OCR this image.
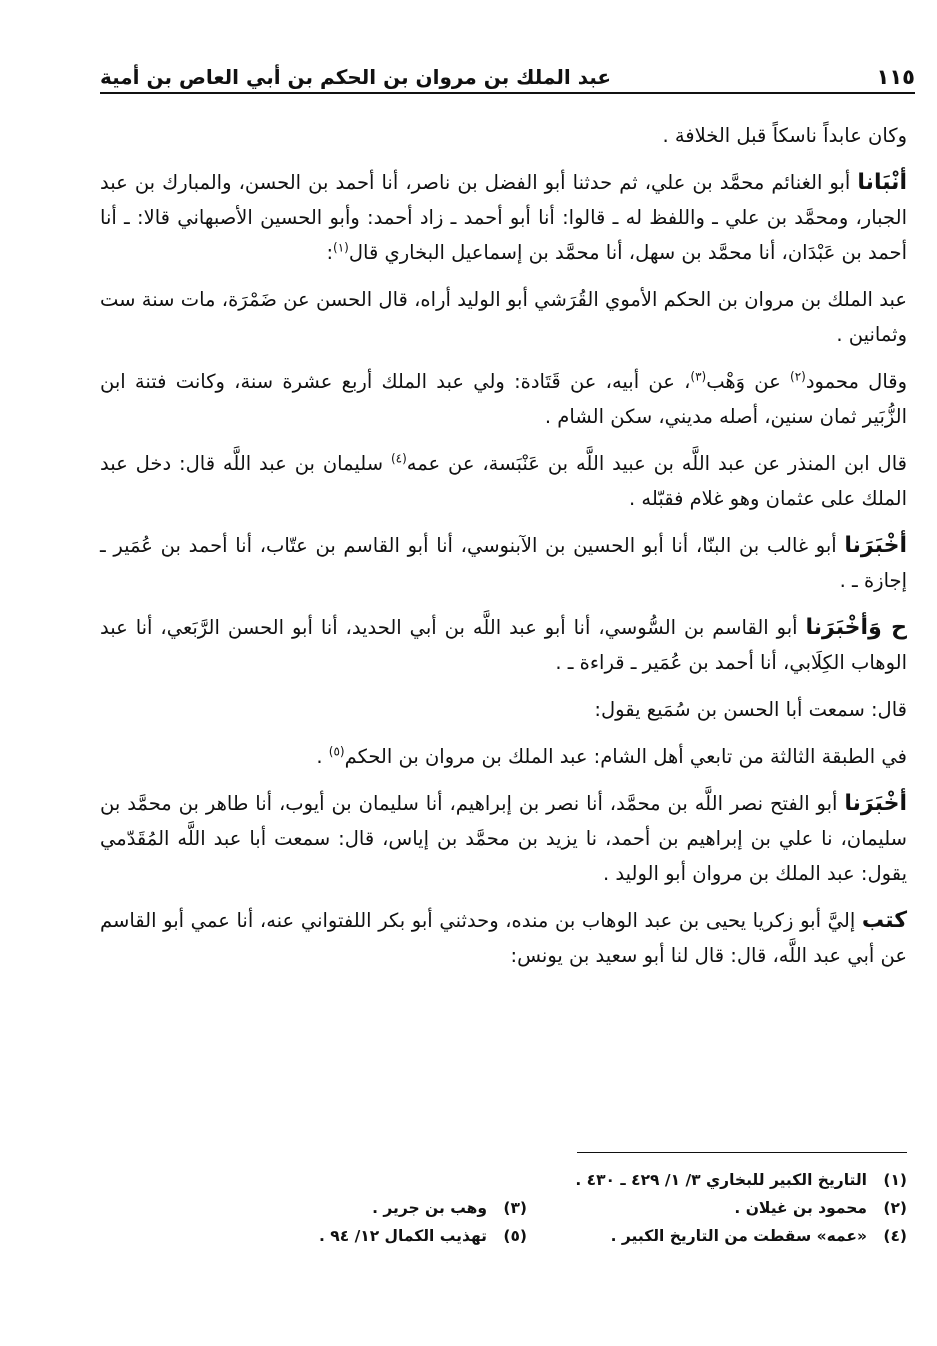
عبد الملك بن مروان بن الحكم بن أبي العاص بن أمية	١١٥

وكان عابداً ناسكاً قبل الخلافة .

أنْبَانا أبو الغنائم محمَّد بن علي، ثم حدثنا أبو الفضل بن ناصر، أنا أحمد بن الحسن، والمبارك بن عبد الجبار، ومحمَّد بن علي ـ واللفظ له ـ قالوا: أنا أبو أحمد ـ زاد أحمد: وأبو الحسين الأصبهاني قالا: ـ أنا أحمد بن عَبْدَان، أنا محمَّد بن سهل، أنا محمَّد بن إسماعيل البخاري قال$^{(١)}$:

عبد الملك بن مروان بن الحكم الأموي القُرَشي أبو الوليد أراه، قال الحسن عن ضَمْرَة، مات سنة ست وثمانين .

وقال محمود$^{(٢)}$ عن وَهْب$^{(٣)}$، عن أبيه، عن قَتَادة: ولي عبد الملك أربع عشرة سنة، وكانت فتنة ابن الزُّبَير ثمان سنين، أصله مديني، سكن الشام .

قال ابن المنذر عن عبد اللَّه بن عبيد اللَّه بن عَنْبَسة، عن عمه$^{(٤)}$ سليمان بن عبد اللَّه قال: دخل عبد الملك على عثمان وهو غلام فقبّله .

أخْبَرَنا أبو غالب بن البنّا، أنا أبو الحسين بن الآبنوسي، أنا أبو القاسم بن عتّاب، أنا أحمد بن عُمَير ـ إجازة ـ .

ح وَأخْبَرَنا أبو القاسم بن السُّوسي، أنا أبو عبد اللَّه بن أبي الحديد، أنا أبو الحسن الرَّبَعي، أنا عبد الوهاب الكِلَابي، أنا أحمد بن عُمَير ـ قراءة ـ .

قال: سمعت أبا الحسن بن سُمَيع يقول:

في الطبقة الثالثة من تابعي أهل الشام: عبد الملك بن مروان بن الحكم$^{(٥)}$ .

أخْبَرَنا أبو الفتح نصر اللَّه بن محمَّد، أنا نصر بن إبراهيم، أنا سليمان بن أيوب، أنا طاهر بن محمَّد بن سليمان، نا علي بن إبراهيم بن أحمد، نا يزيد بن محمَّد بن إياس، قال: سمعت أبا عبد اللَّه المُقَدّمي يقول: عبد الملك بن مروان أبو الوليد .

كتب إليَّ أبو زكريا يحيى بن عبد الوهاب بن منده، وحدثني أبو بكر اللفتواني عنه، أنا عمي أبو القاسم عن أبي عبد اللَّه، قال: قال لنا أبو سعيد بن يونس:

(١)التاريخ الكبير للبخاري ٣/ ١/ ٤٢٩ ـ ٤٣٠ .
(٢)محمود بن غيلان .
(٣)وهب بن جرير .
(٤)«عمه» سقطت من التاريخ الكبير .
(٥)تهذيب الكمال ١٢/ ٩٤ .
